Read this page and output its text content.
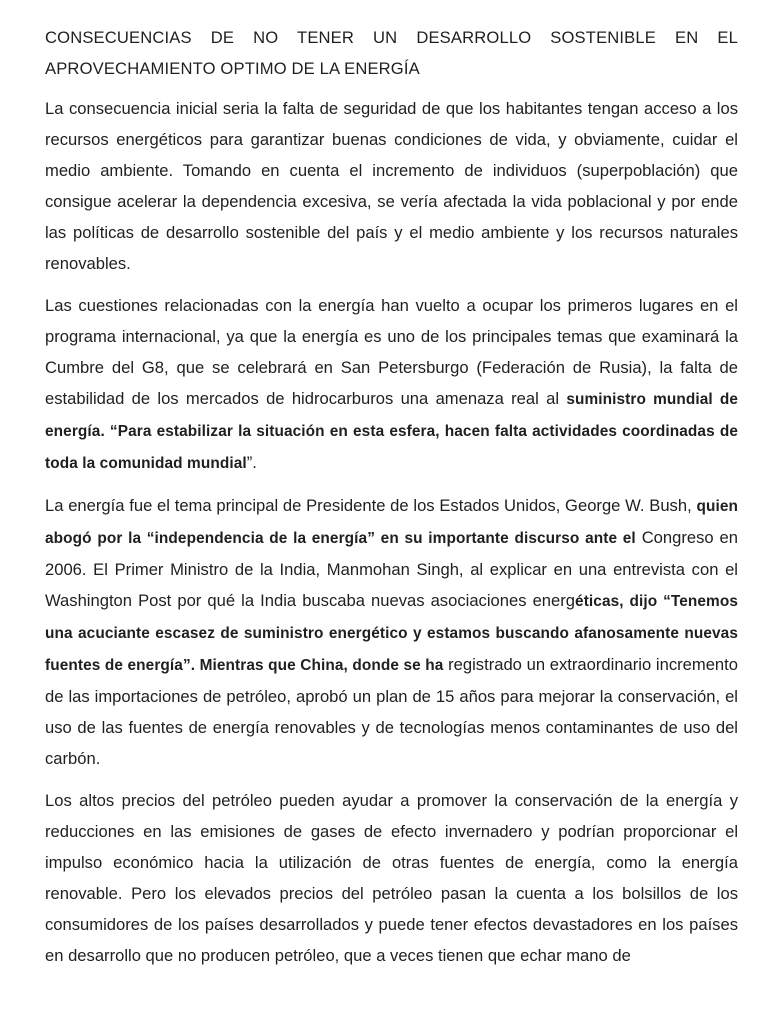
CONSECUENCIAS DE NO TENER UN DESARROLLO SOSTENIBLE EN EL APROVECHAMIENTO OPTIMO DE LA ENERGÍA

La consecuencia inicial seria la falta de seguridad de que los habitantes tengan acceso a los recursos energéticos para garantizar buenas condiciones de vida, y obviamente, cuidar el medio ambiente. Tomando en cuenta el incremento de individuos (superpoblación) que consigue acelerar la dependencia excesiva, se vería afectada la vida poblacional y por ende las políticas de desarrollo sostenible del país y el medio ambiente y los recursos naturales renovables.

Las cuestiones relacionadas con la energía han vuelto a ocupar los primeros lugares en el programa internacional, ya que la energía es uno de los principales temas que examinará la Cumbre del G8, que se celebrará en San Petersburgo (Federación de Rusia), la falta de estabilidad de los mercados de hidrocarburos una amenaza real al suministro mundial de energía. “Para estabilizar la situación en esta esfera, hacen falta actividades coordinadas de toda la comunidad mundial”.

La energía fue el tema principal de Presidente de los Estados Unidos, George W. Bush, quien abogó por la “independencia de la energía” en su importante discurso ante el Congreso en 2006. El Primer Ministro de la India, Manmohan Singh, al explicar en una entrevista con el Washington Post por qué la India buscaba nuevas asociaciones energéticas, dijo “Tenemos una acuciante escasez de suministro energético y estamos buscando afanosamente nuevas fuentes de energía”. Mientras que China, donde se ha registrado un extraordinario incremento de las importaciones de petróleo, aprobó un plan de 15 años para mejorar la conservación, el uso de las fuentes de energía renovables y de tecnologías menos contaminantes de uso del carbón.

Los altos precios del petróleo pueden ayudar a promover la conservación de la energía y reducciones en las emisiones de gases de efecto invernadero y podrían proporcionar el impulso económico hacia la utilización de otras fuentes de energía, como la energía renovable. Pero los elevados precios del petróleo pasan la cuenta a los bolsillos de los consumidores de los países desarrollados y puede tener efectos devastadores en los países en desarrollo que no producen petróleo, que a veces tienen que echar mano de
